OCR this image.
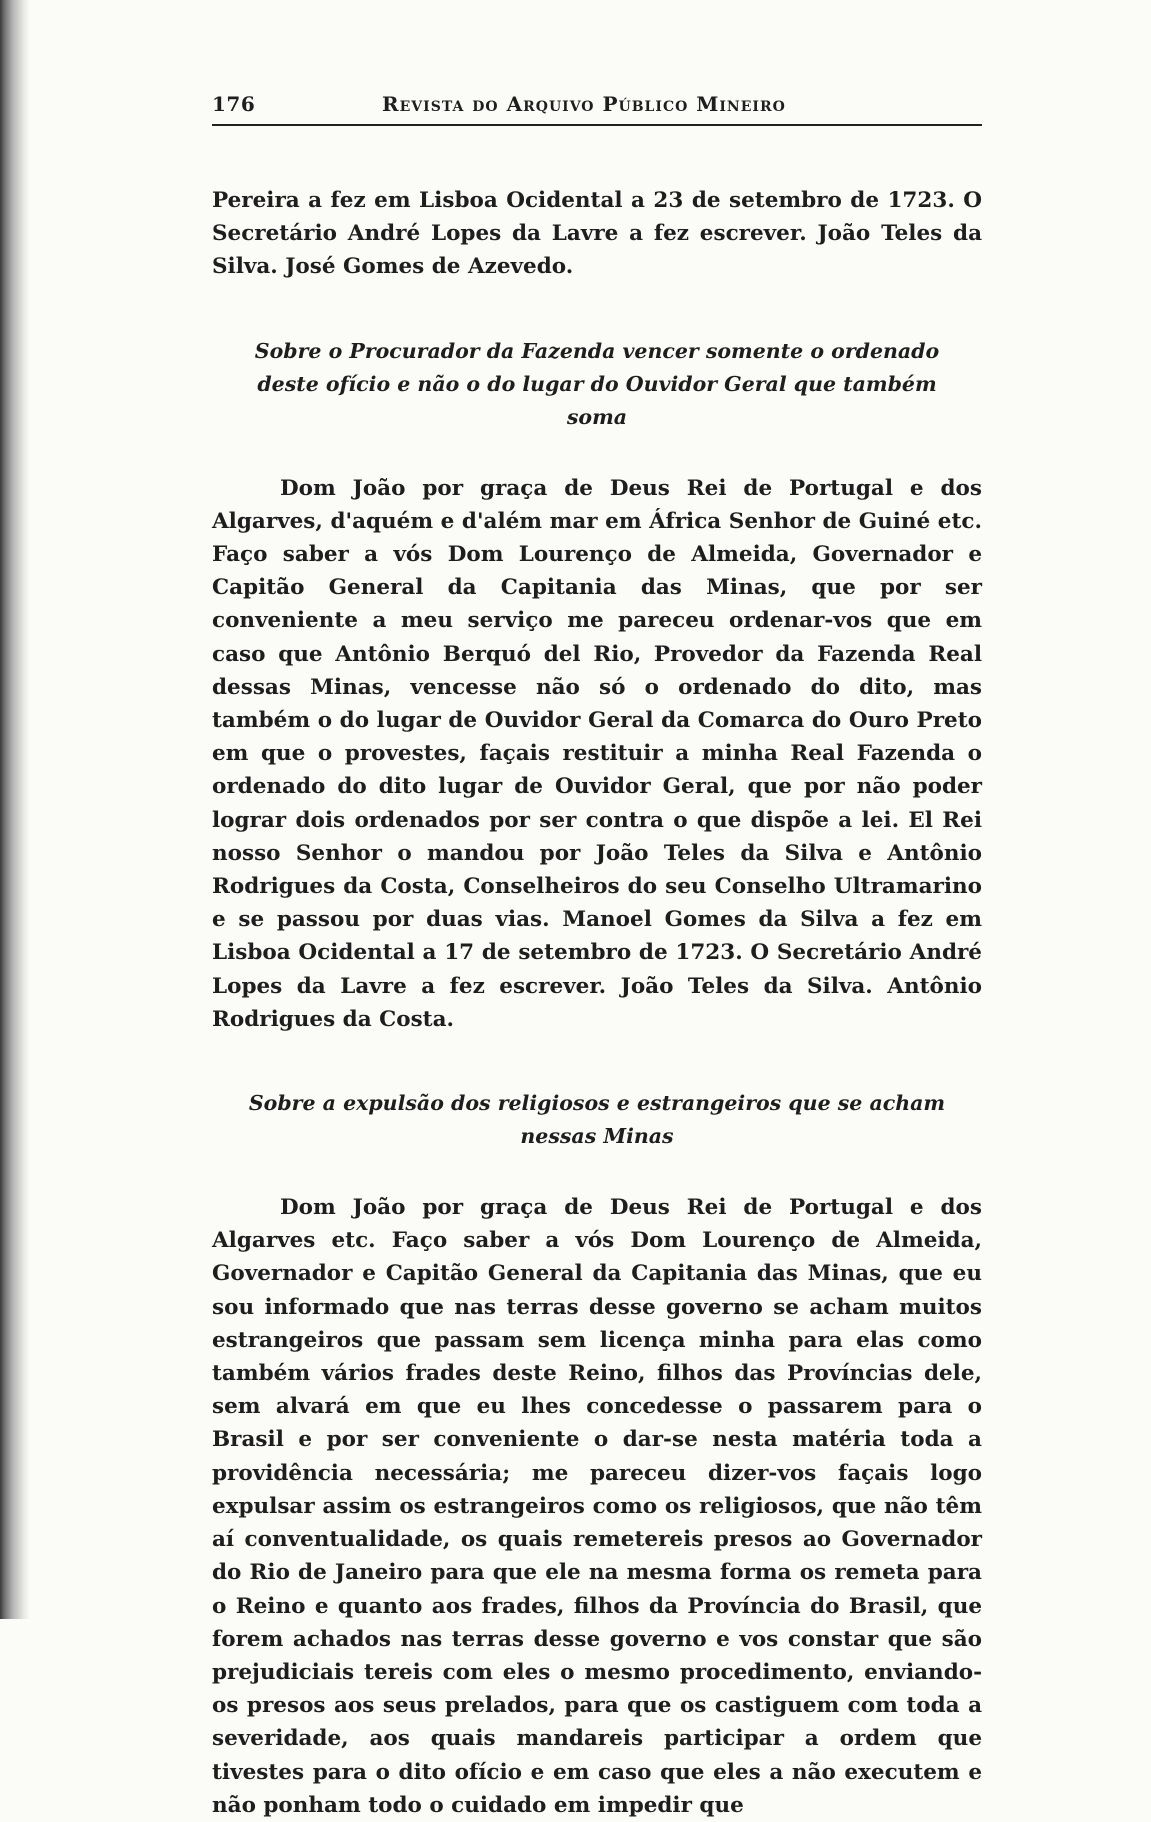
176	Revista do Arquivo Público Mineiro

Pereira a fez em Lisboa Ocidental a 23 de setembro de 1723. O Secretário André Lopes da Lavre a fez escrever. João Teles da Silva. José Gomes de Azevedo.

Sobre o Procurador da Fazenda vencer somente o ordenado deste ofício e não o do lugar do Ouvidor Geral que também soma

Dom João por graça de Deus Rei de Portugal e dos Algarves, d'aquém e d'além mar em África Senhor de Guiné etc. Faço saber a vós Dom Lourenço de Almeida, Governador e Capitão General da Capitania das Minas, que por ser conveniente a meu serviço me pareceu ordenar-vos que em caso que Antônio Berquó del Rio, Provedor da Fazenda Real dessas Minas, vencesse não só o ordenado do dito, mas também o do lugar de Ouvidor Geral da Comarca do Ouro Preto em que o provestes, façais restituir a minha Real Fazenda o ordenado do dito lugar de Ouvidor Geral, que por não poder lograr dois ordenados por ser contra o que dispõe a lei. El Rei nosso Senhor o mandou por João Teles da Silva e Antônio Rodrigues da Costa, Conselheiros do seu Conselho Ultramarino e se passou por duas vias. Manoel Gomes da Silva a fez em Lisboa Ocidental a 17 de setembro de 1723. O Secretário André Lopes da Lavre a fez escrever. João Teles da Silva. Antônio Rodrigues da Costa.

Sobre a expulsão dos religiosos e estrangeiros que se acham nessas Minas

Dom João por graça de Deus Rei de Portugal e dos Algarves etc. Faço saber a vós Dom Lourenço de Almeida, Governador e Capitão General da Capitania das Minas, que eu sou informado que nas terras desse governo se acham muitos estrangeiros que passam sem licença minha para elas como também vários frades deste Reino, filhos das Províncias dele, sem alvará em que eu lhes concedesse o passarem para o Brasil e por ser conveniente o dar-se nesta matéria toda a providência necessária; me pareceu dizer-vos façais logo expulsar assim os estrangeiros como os religiosos, que não têm aí conventualidade, os quais remetereis presos ao Governador do Rio de Janeiro para que ele na mesma forma os remeta para o Reino e quanto aos frades, filhos da Província do Brasil, que forem achados nas terras desse governo e vos constar que são prejudiciais tereis com eles o mesmo procedimento, enviando-os presos aos seus prelados, para que os castiguem com toda a severidade, aos quais mandareis participar a ordem que tivestes para o dito ofício e em caso que eles a não executem e não ponham todo o cuidado em impedir que
